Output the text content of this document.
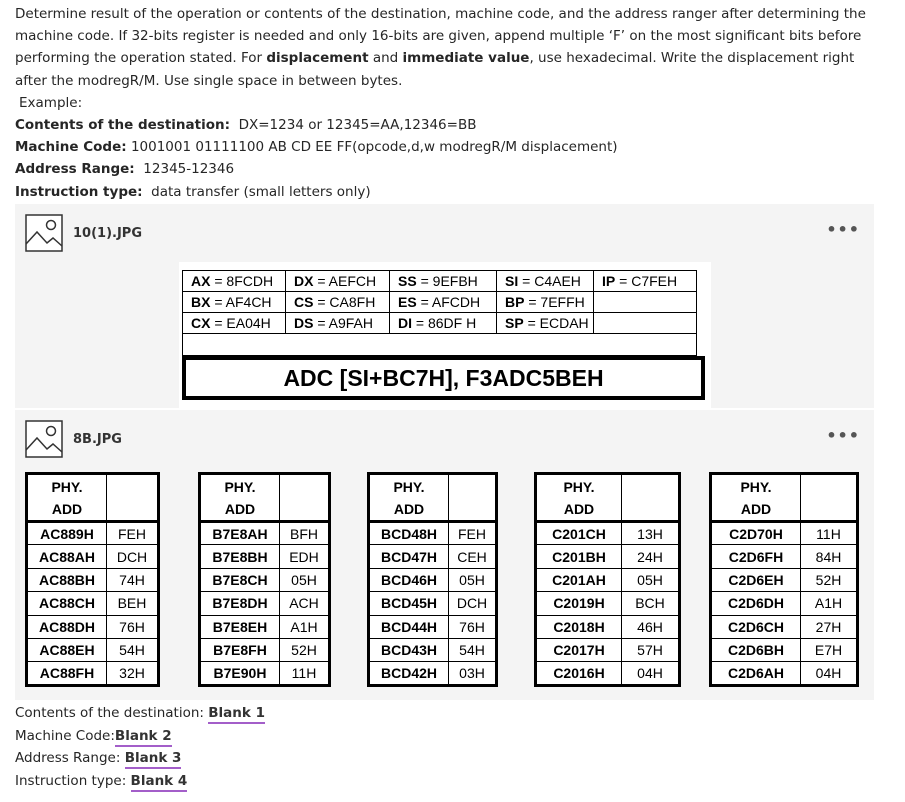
Determine result of the operation or contents of the destination, machine code, and the address ranger after determining the machine code. If 32-bits register is needed and only 16-bits are given, append multiple ‘F’ on the most significant bits before performing the operation stated. For displacement and immediate value, use hexadecimal. Write the displacement right after the modregR/M. Use single space in between bytes.

Example:

Contents of the destination: DX=1234 or 12345=AA,12346=BB

Machine Code: 1001001 01111100 AB CD EE FF(opcode,d,w modregR/M displacement)

Address Range: 12345-12346

Instruction type: data transfer (small letters only)

10(1).JPG	•••
AX = 8FCDH	DX = AEFCH	SS = 9EFBH	SI = C4AEH	IP = C7FEH
BX = AF4CH	CS = CA8FH	ES = AFCDH	BP = 7EFFH	
CX = EA04H	DS = A9FAH	DI = 86DF H	SP = ECDAH	

ADC [SI+BC7H], F3ADC5BEH
8B.JPG	•••
PHY.
ADD	

AC889H	FEH
AC88AH	DCH
AC88BH	74H
AC88CH	BEH
AC88DH	76H
AC88EH	54H
AC88FH	32H
PHY.
ADD	

B7E8AH	BFH
B7E8BH	EDH
B7E8CH	05H
B7E8DH	ACH
B7E8EH	A1H
B7E8FH	52H
B7E90H	11H
PHY.
ADD	

BCD48H	FEH
BCD47H	CEH
BCD46H	05H
BCD45H	DCH
BCD44H	76H
BCD43H	54H
BCD42H	03H
PHY.
ADD	

C201CH	13H
C201BH	24H
C201AH	05H
C2019H	BCH
C2018H	46H
C2017H	57H
C2016H	04H
PHY.
ADD	

C2D70H	11H
C2D6FH	84H
C2D6EH	52H
C2D6DH	A1H
C2D6CH	27H
C2D6BH	E7H
C2D6AH	04H
Contents of the destination: Blank 1
Machine Code:Blank 2
Address Range: Blank 3
Instruction type: Blank 4
